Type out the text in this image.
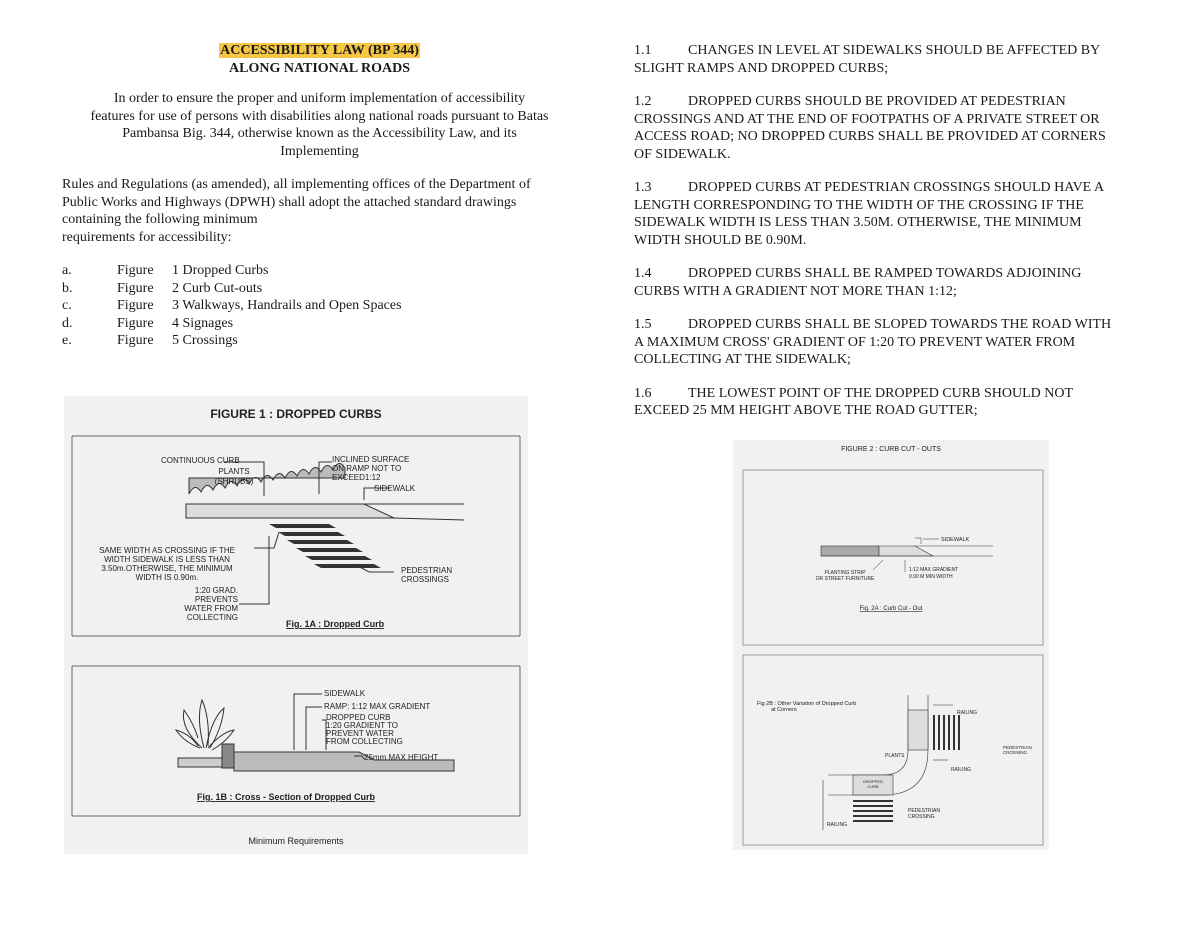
ACCESSIBILITY LAW (BP 344)
ALONG NATIONAL ROADS
In order to ensure the proper and uniform implementation of accessibility
features for use of persons with disabilities along national roads pursuant to Batas
Pambansa Big. 344, otherwise known as the Accessibility Law, and its
Implementing
Rules and Regulations (as amended), all implementing offices of the Department of
Public Works and Highways (DPWH) shall adopt the attached standard drawings
containing the following minimum
requirements for accessibility:
a.	Figure	1 Dropped Curbs
b.	Figure	2 Curb Cut-outs
c.	Figure	3 Walkways, Handrails and Open Spaces
d.	Figure	4 Signages
e.	Figure	5 Crossings
1.1	CHANGES IN LEVEL AT SIDEWALKS SHOULD BE AFFECTED BY
SLIGHT RAMPS AND DROPPED CURBS;
1.2	DROPPED CURBS SHOULD BE PROVIDED AT PEDESTRIAN
CROSSINGS AND AT THE END OF FOOTPATHS OF A PRIVATE STREET OR
ACCESS ROAD; NO DROPPED CURBS SHALL BE PROVIDED AT CORNERS
OF SIDEWALK.
1.3	DROPPED CURBS AT PEDESTRIAN CROSSINGS SHOULD HAVE A
LENGTH CORRESPONDING TO THE WIDTH OF THE CROSSING IF THE
SIDEWALK WIDTH IS LESS THAN 3.50M. OTHERWISE, THE MINIMUM
WIDTH SHOULD BE 0.90M.
1.4	DROPPED CURBS SHALL BE RAMPED TOWARDS ADJOINING
CURBS WITH A GRADIENT NOT MORE THAN 1:12;
1.5	DROPPED CURBS SHALL BE SLOPED TOWARDS THE ROAD WITH
A MAXIMUM CROSS' GRADIENT OF 1:20 TO PREVENT WATER FROM
COLLECTING AT THE SIDEWALK;
1.6	THE LOWEST POINT OF THE DROPPED CURB SHOULD NOT
EXCEED 25 MM HEIGHT ABOVE THE ROAD GUTTER;
FIGURE 1 : DROPPED CURBS
CONTINUOUS CURB
PLANTS
(SHRUBS)
INCLINED SURFACE
ON RAMP NOT TO
EXCEED1:12
SIDEWALK
SAME WIDTH AS CROSSING IF THE
WIDTH SIDEWALK IS LESS THAN
3.50m.OTHERWISE, THE MINIMUM
WIDTH IS 0.90m.
PEDESTRIAN
CROSSINGS
1:20 GRAD.
PREVENTS
WATER FROM
COLLECTING
Fig. 1A : Dropped Curb
SIDEWALK
RAMP: 1:12 MAX GRADIENT
DROPPED CURB
1:20 GRADIENT TO
PREVENT WATER
FROM COLLECTING
25mm MAX HEIGHT
Fig. 1B : Cross - Section of Dropped Curb
Minimum Requirements
FIGURE 2 : CURB CUT - OUTS
SIDEWALK
PLANTING STRIP
OR STREET FURNITURE
1:12 MAX GRADIENT
0.90 M MIN WIDTH
Fig. 2A : Curb Cut - Out
Fig 2B : Other Variation of Dropped Curb
at Corners	RAILING
RAILING
RAILING
PLANTS
PEDESTRIAN
CROSSING
PEDESTRIAN
CROSSING
DROPPED
CURB
